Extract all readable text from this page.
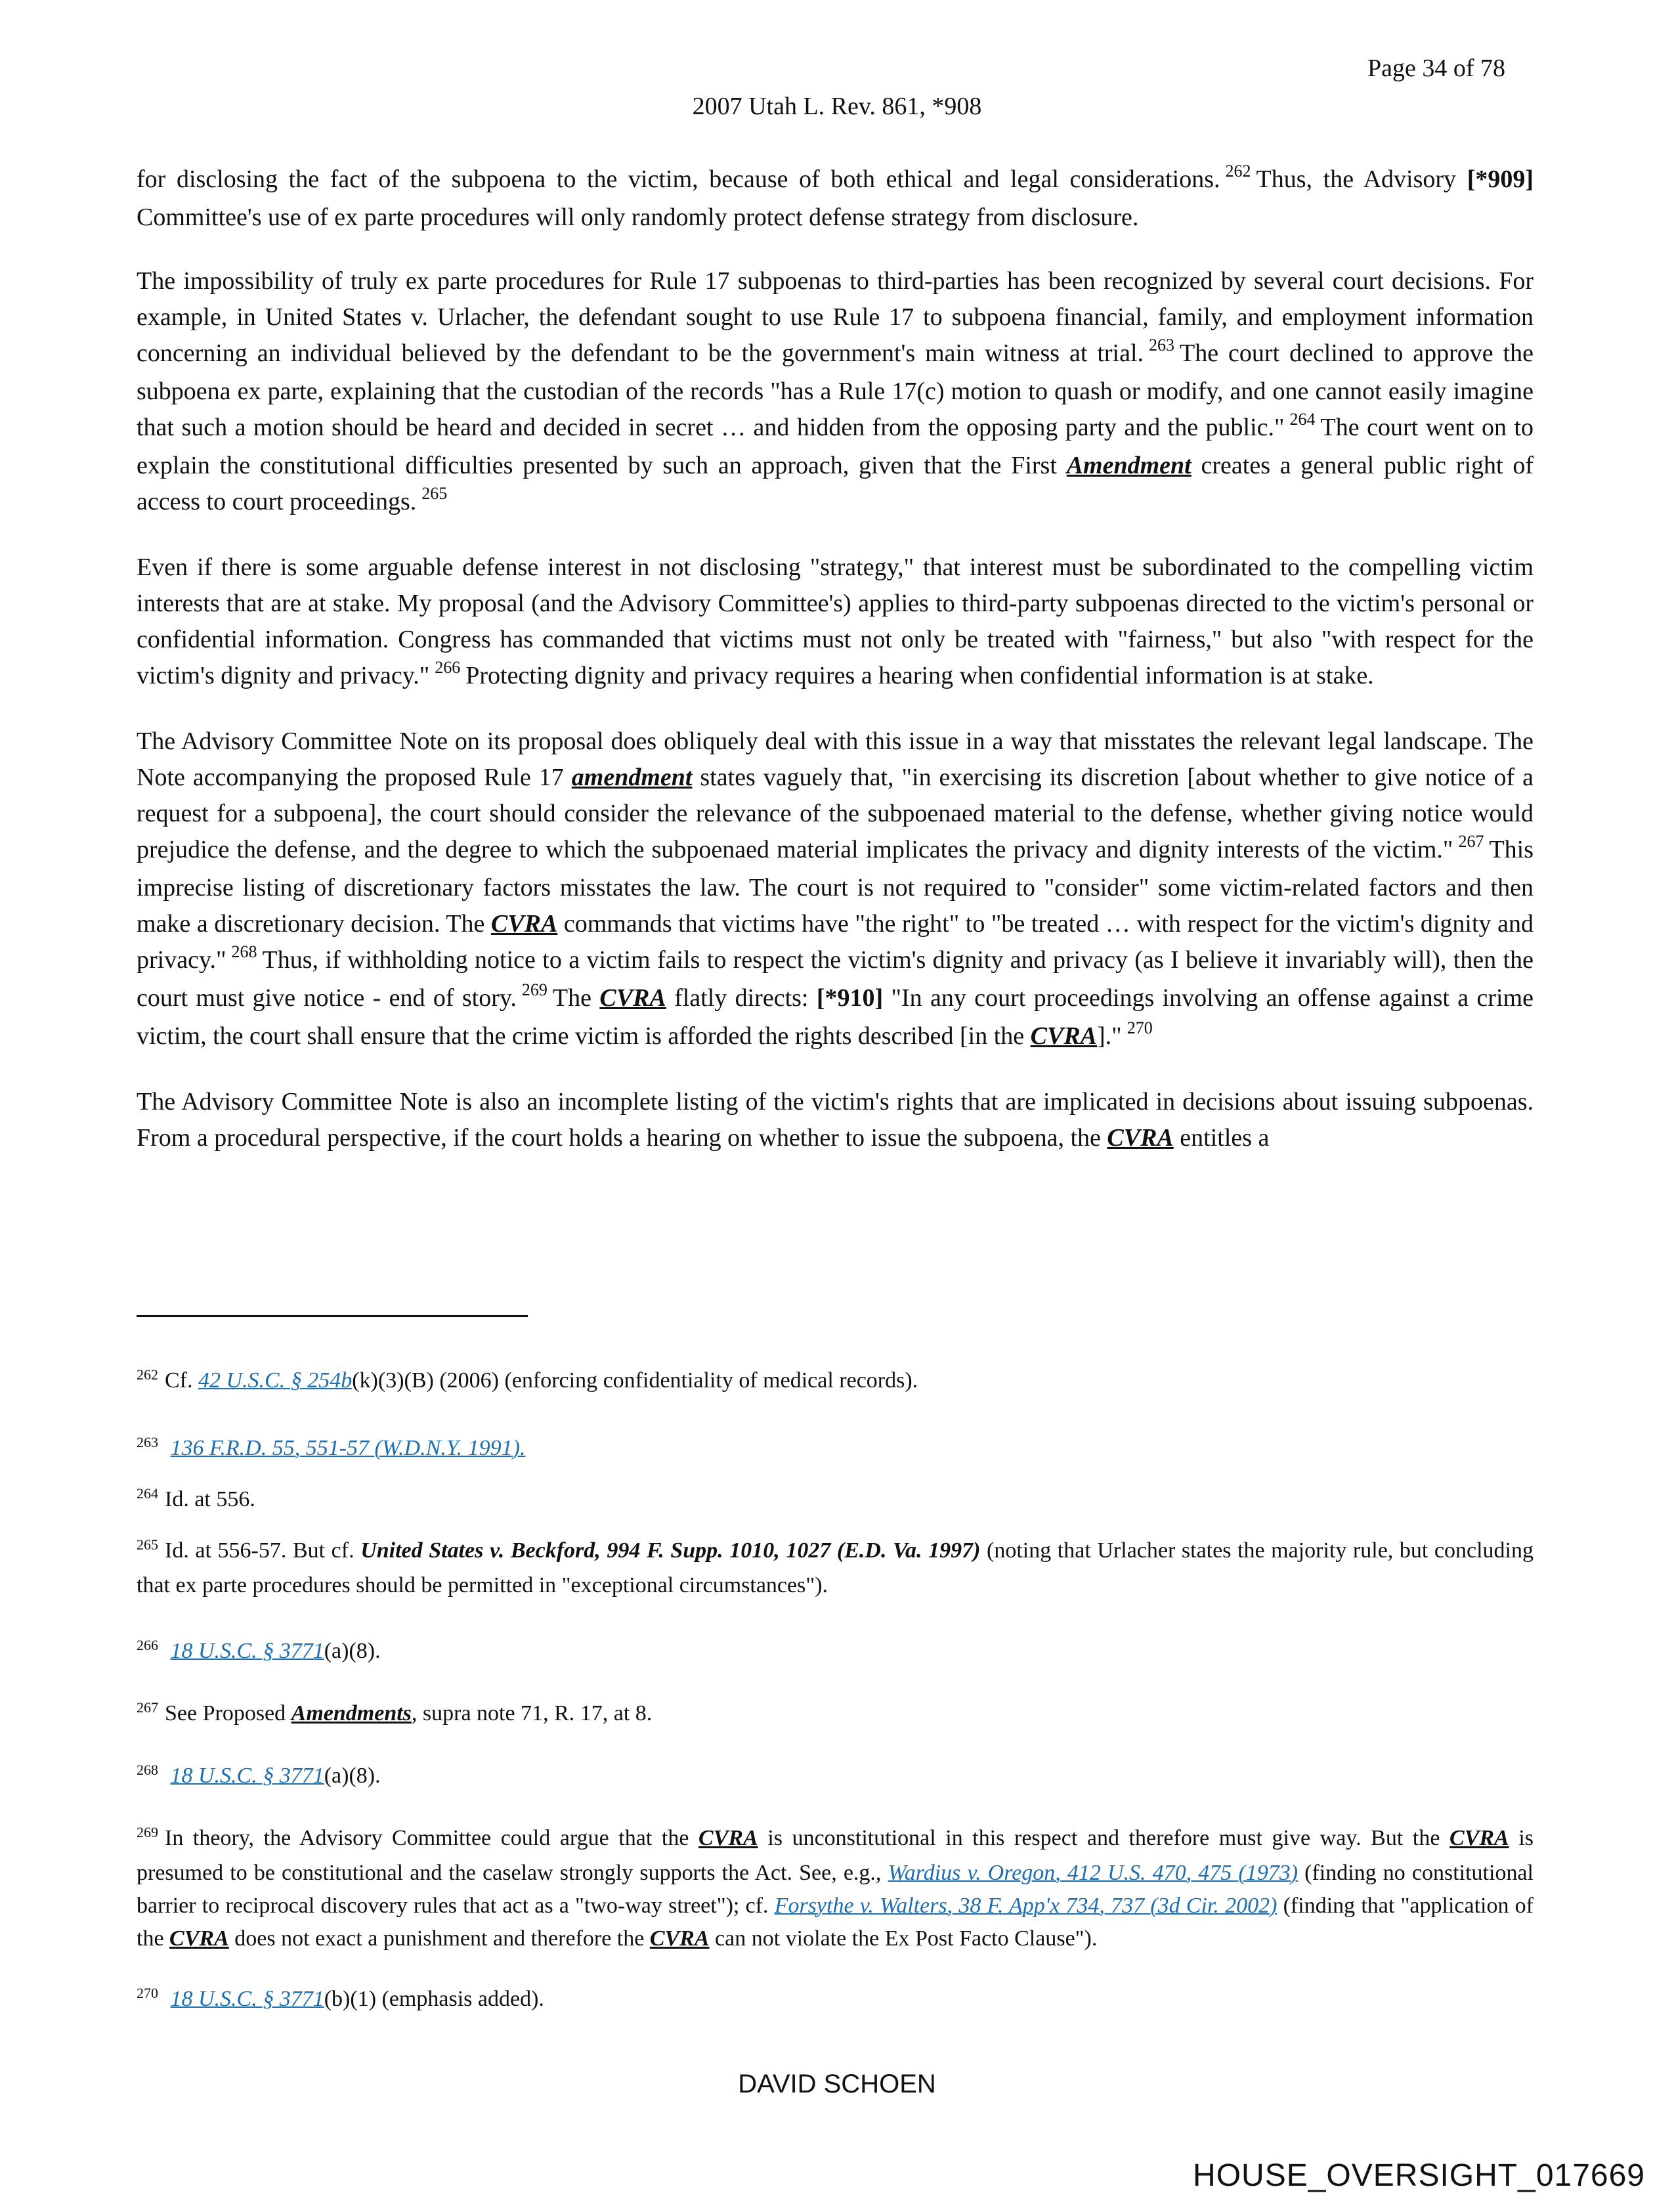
Page 34 of 78
2007 Utah L. Rev. 861, *908

for disclosing the fact of the subpoena to the victim, because of both ethical and legal considerations. $^{262}$ Thus, the Advisory [*909] Committee's use of ex parte procedures will only randomly protect defense strategy from disclosure.

The impossibility of truly ex parte procedures for Rule 17 subpoenas to third-parties has been recognized by several court decisions. For example, in United States v. Urlacher, the defendant sought to use Rule 17 to subpoena financial, family, and employment information concerning an individual believed by the defendant to be the government's main witness at trial. $^{263}$ The court declined to approve the subpoena ex parte, explaining that the custodian of the records "has a Rule 17(c) motion to quash or modify, and one cannot easily imagine that such a motion should be heard and decided in secret … and hidden from the opposing party and the public." $^{264}$ The court went on to explain the constitutional difficulties presented by such an approach, given that the First Amendment creates a general public right of access to court proceedings. $^{265}$

Even if there is some arguable defense interest in not disclosing "strategy," that interest must be subordinated to the compelling victim interests that are at stake. My proposal (and the Advisory Committee's) applies to third-party subpoenas directed to the victim's personal or confidential information. Congress has commanded that victims must not only be treated with "fairness," but also "with respect for the victim's dignity and privacy." $^{266}$ Protecting dignity and privacy requires a hearing when confidential information is at stake.

The Advisory Committee Note on its proposal does obliquely deal with this issue in a way that misstates the relevant legal landscape. The Note accompanying the proposed Rule 17 amendment states vaguely that, "in exercising its discretion [about whether to give notice of a request for a subpoena], the court should consider the relevance of the subpoenaed material to the defense, whether giving notice would prejudice the defense, and the degree to which the subpoenaed material implicates the privacy and dignity interests of the victim." $^{267}$ This imprecise listing of discretionary factors misstates the law. The court is not required to "consider" some victim-related factors and then make a discretionary decision. The CVRA commands that victims have "the right" to "be treated … with respect for the victim's dignity and privacy." $^{268}$ Thus, if withholding notice to a victim fails to respect the victim's dignity and privacy (as I believe it invariably will), then the court must give notice - end of story. $^{269}$ The CVRA flatly directs: [*910] "In any court proceedings involving an offense against a crime victim, the court shall ensure that the crime victim is afforded the rights described [in the CVRA]." $^{270}$

The Advisory Committee Note is also an incomplete listing of the victim's rights that are implicated in decisions about issuing subpoenas. From a procedural perspective, if the court holds a hearing on whether to issue the subpoena, the CVRA entitles a

$^{262}$ Cf. 42 U.S.C. § 254b(k)(3)(B) (2006) (enforcing confidentiality of medical records).

$^{263}$ 136 F.R.D. 55, 551-57 (W.D.N.Y. 1991).

$^{264}$ Id. at 556.

$^{265}$ Id. at 556-57. But cf. United States v. Beckford, 994 F. Supp. 1010, 1027 (E.D. Va. 1997) (noting that Urlacher states the majority rule, but concluding that ex parte procedures should be permitted in "exceptional circumstances").

$^{266}$ 18 U.S.C. § 3771(a)(8).

$^{267}$ See Proposed Amendments, supra note 71, R. 17, at 8.

$^{268}$ 18 U.S.C. § 3771(a)(8).

$^{269}$ In theory, the Advisory Committee could argue that the CVRA is unconstitutional in this respect and therefore must give way. But the CVRA is presumed to be constitutional and the caselaw strongly supports the Act. See, e.g., Wardius v. Oregon, 412 U.S. 470, 475 (1973) (finding no constitutional barrier to reciprocal discovery rules that act as a "two-way street"); cf. Forsythe v. Walters, 38 F. App'x 734, 737 (3d Cir. 2002) (finding that "application of the CVRA does not exact a punishment and therefore the CVRA can not violate the Ex Post Facto Clause").

$^{270}$ 18 U.S.C. § 3771(b)(1) (emphasis added).

DAVID SCHOEN
HOUSE_OVERSIGHT_017669
